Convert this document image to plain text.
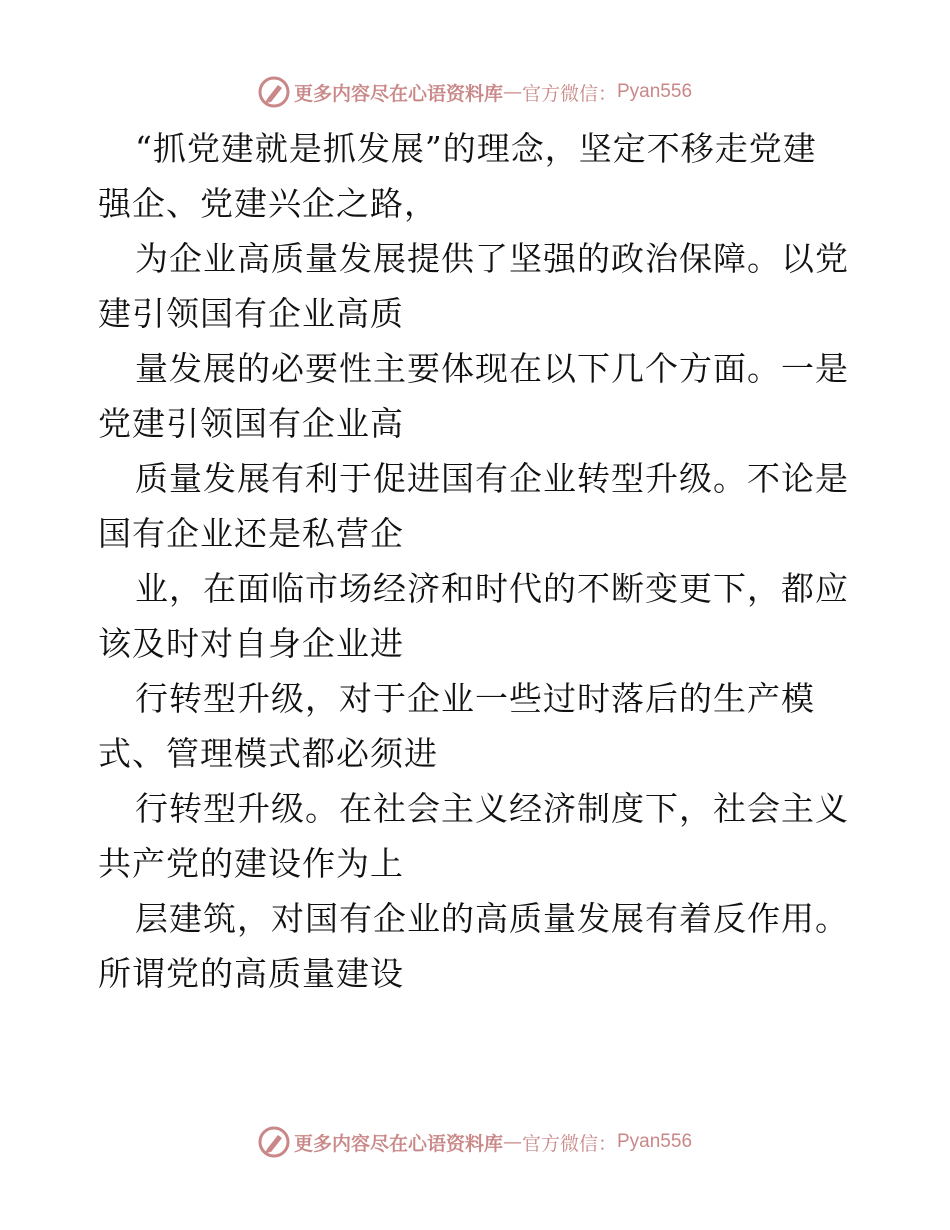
更多内容尽在心语资料库 — 官方微信： Pyan556
“抓党建就是抓发展”的理念，坚定不移走党建
强企、党建兴企之路，
为企业高质量发展提供了坚强的政治保障。以党
建引领国有企业高质
量发展的必要性主要体现在以下几个方面。一是
党建引领国有企业高
质量发展有利于促进国有企业转型升级。不论是
国有企业还是私营企
业，在面临市场经济和时代的不断变更下，都应
该及时对自身企业进
行转型升级，对于企业一些过时落后的生产模
式、管理模式都必须进
行转型升级。在社会主义经济制度下，社会主义
共产党的建设作为上
层建筑，对国有企业的高质量发展有着反作用。
所谓党的高质量建设
更多内容尽在心语资料库 — 官方微信： Pyan556
